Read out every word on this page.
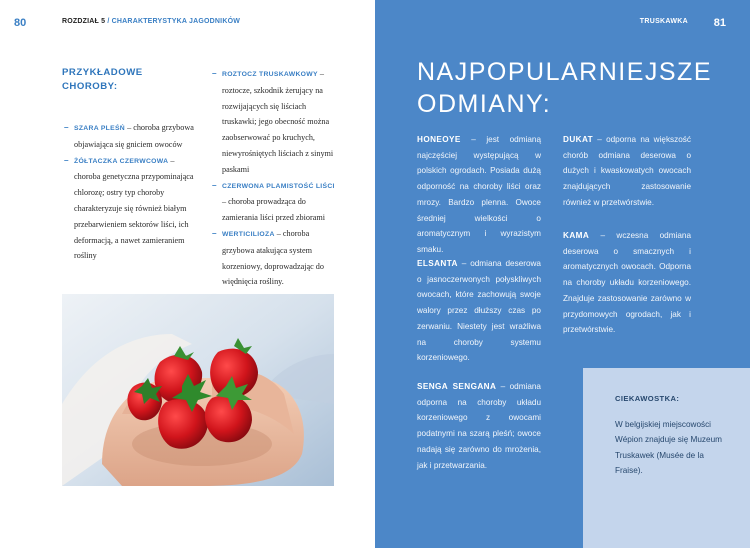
80	ROZDZIAŁ 5 / CHARAKTERYSTYKA JAGODNIKÓW
PRZYKŁADOWE
CHOROBY:
– SZARA PLEŚŃ – choroba grzybowa objawiająca się gniciem owoców
– ŻÓŁTACZKA CZERWCOWA – choroba genetyczna przypominająca chlorozę; ostry typ choroby charakteryzuje się również białym przebarwieniem sektorów liści, ich deformacją, a nawet zamieraniem rośliny
– ROZTOCZ TRUSKAWKOWY – roztocze, szkodnik żerujący na rozwijających się liściach truskawki; jego obecność można zaobserwować po kruchych, niewyrośniętych liściach z sinymi paskami
– CZERWONA PLAMISTOŚĆ LIŚCI – choroba prowadząca do zamierania liści przed zbiorami
– WERTICILIOZA – choroba grzybowa atakująca system korzeniowy, doprowadzając do więdnięcia rośliny.
TRUSKAWKA 81
NAJPOPULARNIEJSZE
ODMIANY:
HONEOYE – jest odmianą najczęściej występującą w polskich ogrodach. Posiada dużą odporność na choroby liści oraz mrozy. Bardzo plenna. Owoce średniej wielkości o aromatycznym i wyrazistym smaku.
ELSANTA – odmiana deserowa o jasnoczerwonych połyskliwych owocach, które zachowują swoje walory przez dłuższy czas po zerwaniu. Niestety jest wrażliwa na choroby systemu korzeniowego.
SENGA SENGANA – odmiana odporna na choroby układu korzeniowego z owocami podatnymi na szarą pleśń; owoce nadają się zarówno do mrożenia, jak i przetwarzania.
DUKAT – odporna na większość chorób odmiana deserowa o dużych i kwaskowatych owocach znajdujących zastosowanie również w przetwórstwie.
KAMA – wczesna odmiana deserowa o smacznych i aromatycznych owocach. Odporna na choroby układu korzeniowego. Znajduje zastosowanie zarówno w przydomowych ogrodach, jak i przetwórstwie.
CIEKAWOSTKA:
W belgijskiej miejscowości Wépion znajduje się Muzeum Truskawek (Musée de la Fraise).
